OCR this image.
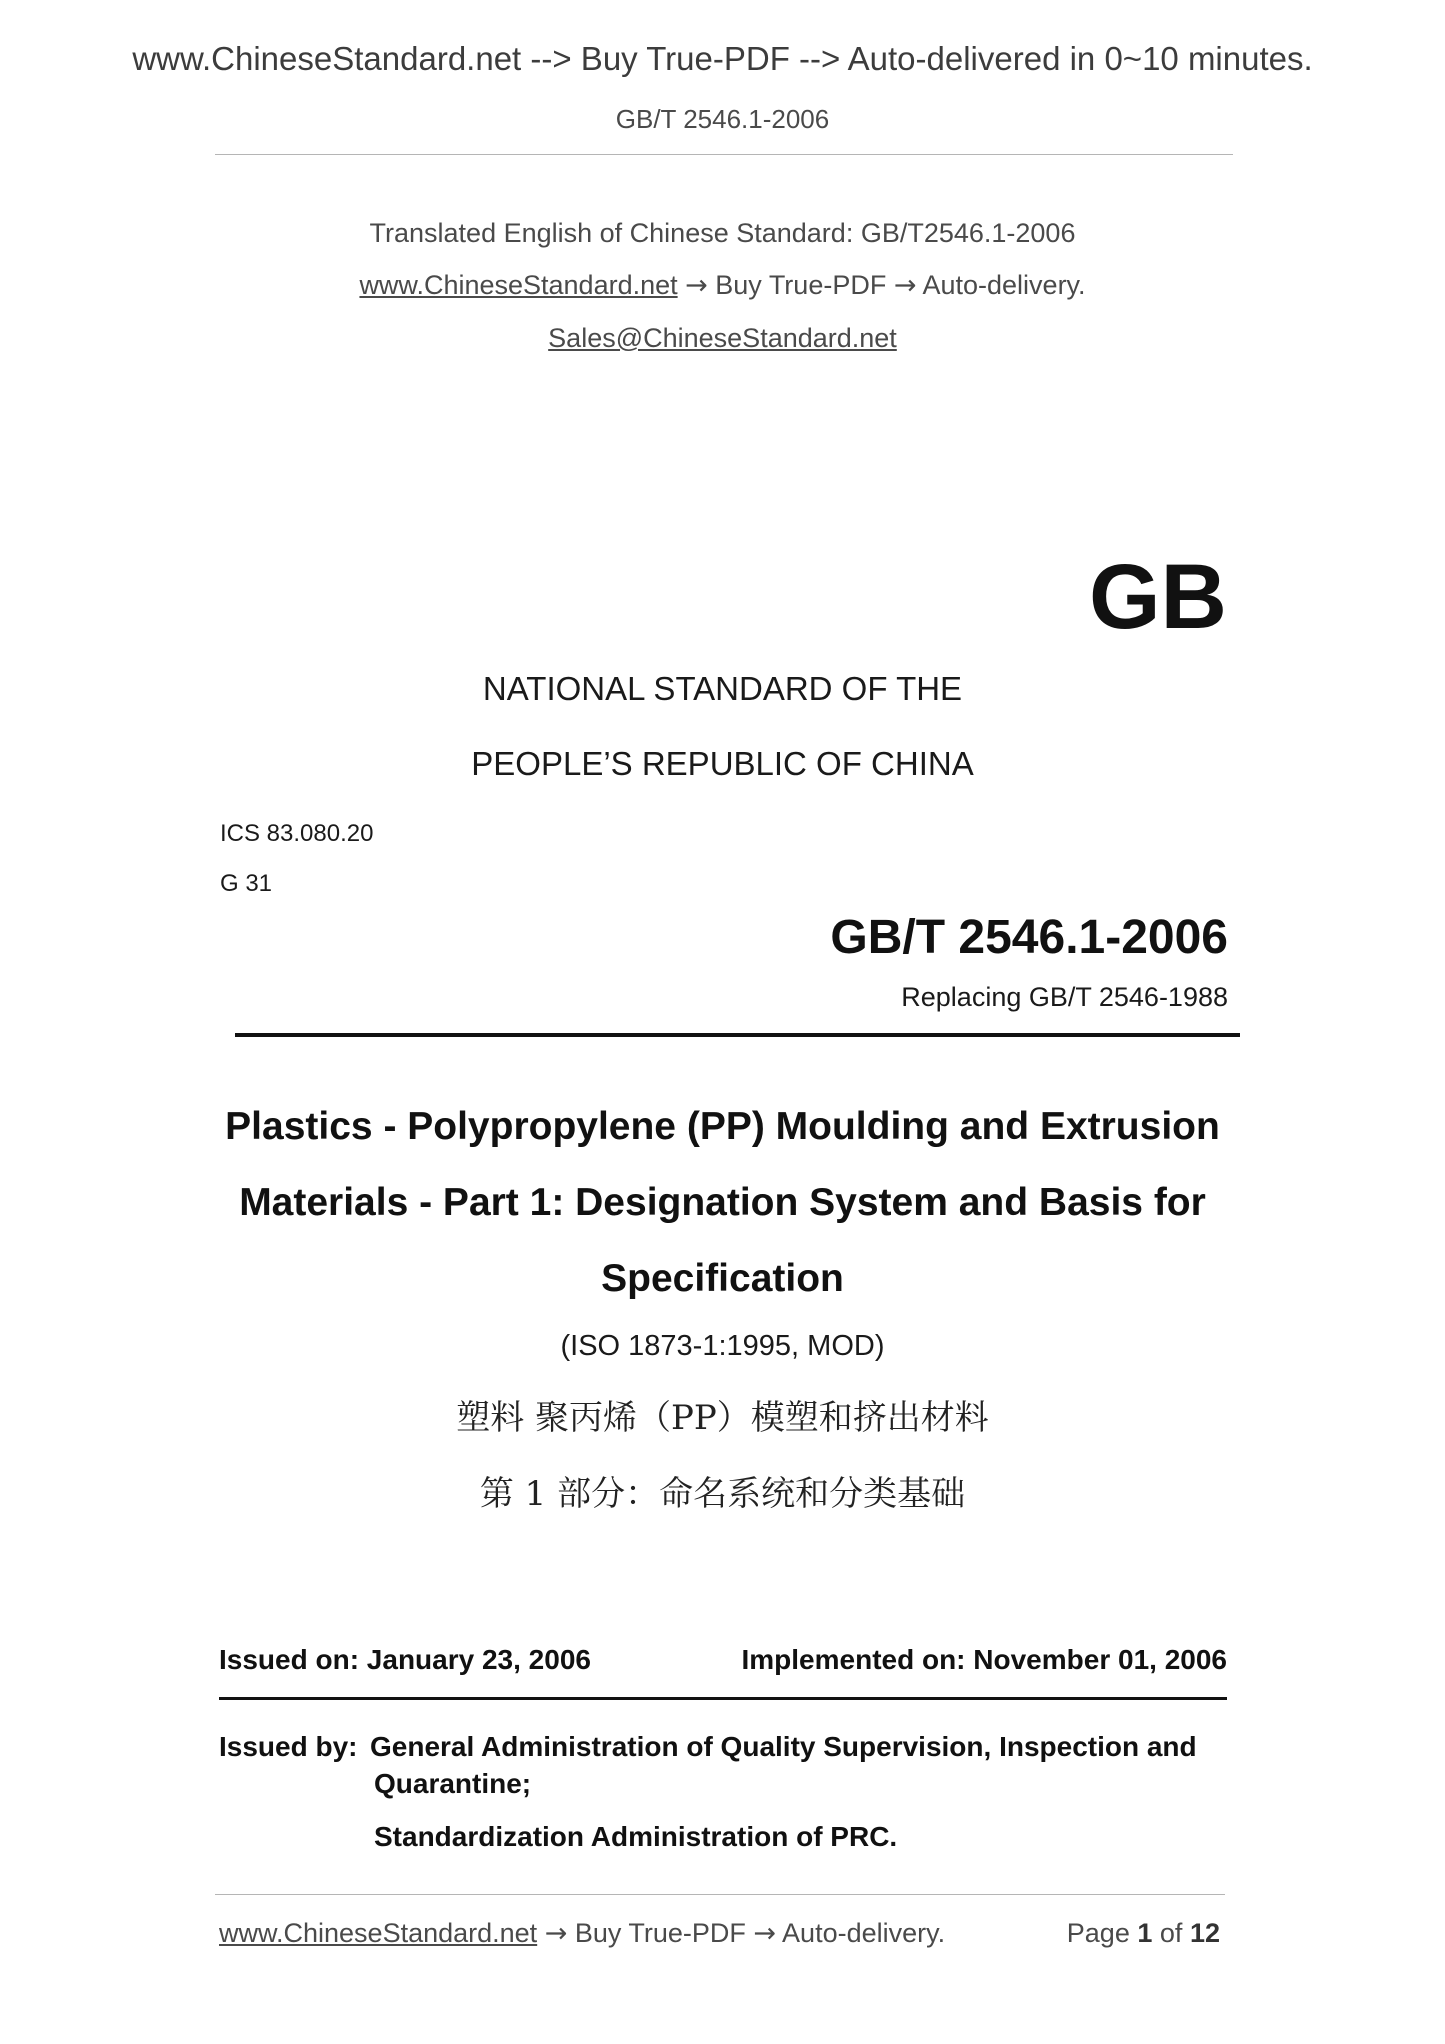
www.ChineseStandard.net --> Buy True-PDF --> Auto-delivered in 0~10 minutes.

GB/T 2546.1-2006

Translated English of Chinese Standard: GB/T2546.1-2006

www.ChineseStandard.net → Buy True-PDF → Auto-delivery.

Sales@ChineseStandard.net

GB

NATIONAL STANDARD OF THE

PEOPLE’S REPUBLIC OF CHINA

ICS 83.080.20

G 31

GB/T 2546.1-2006

Replacing GB/T 2546-1988

Plastics - Polypropylene (PP) Moulding and Extrusion

Materials - Part 1: Designation System and Basis for

Specification

(ISO 1873-1:1995, MOD)

塑料 聚丙烯（PP）模塑和挤出材料

第 1 部分：命名系统和分类基础

Issued on: January 23, 2006	Implemented on: November 01, 2006

Issued by: General Administration of Quality Supervision, Inspection and

Quarantine;

Standardization Administration of PRC.

www.ChineseStandard.net → Buy True-PDF → Auto-delivery.	Page 1 of 12
